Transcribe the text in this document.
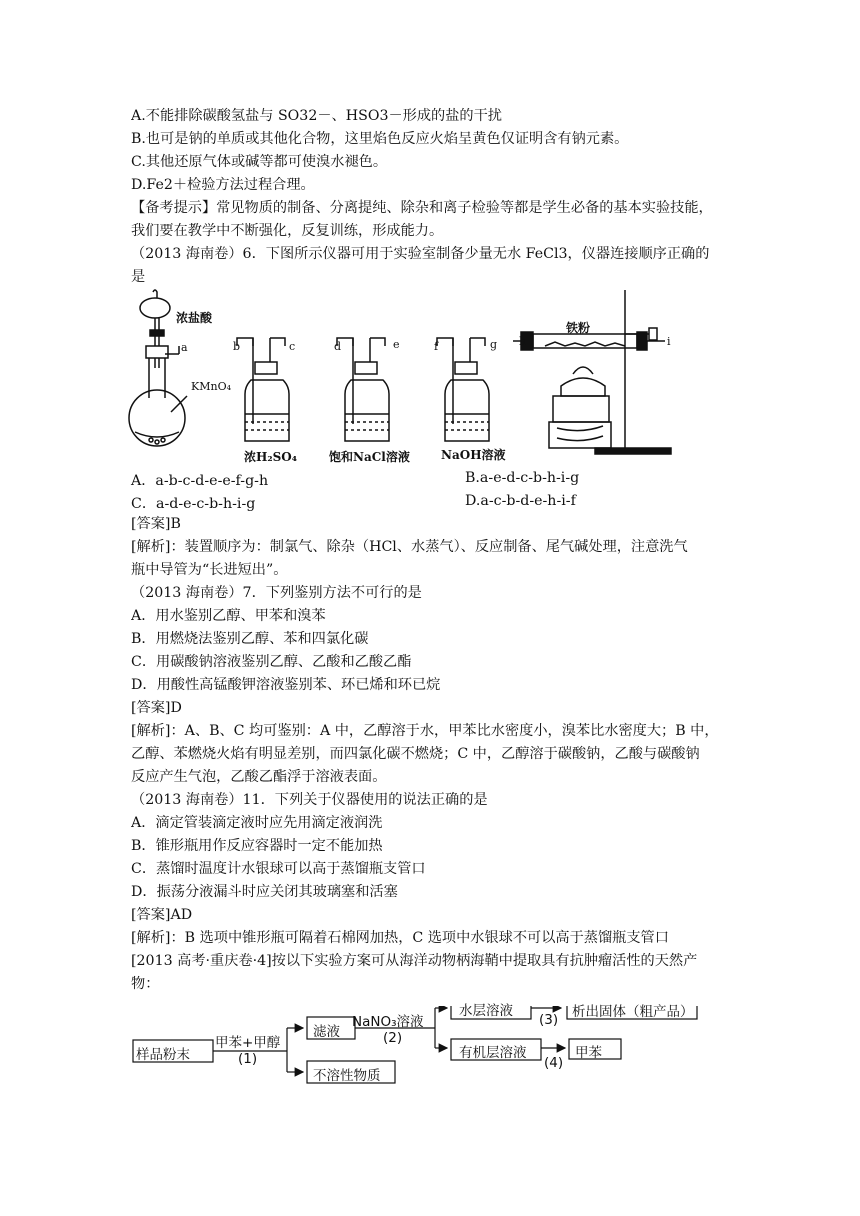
A.不能排除碳酸氢盐与 SO32－、HSO3－形成的盐的干扰
B.也可是钠的单质或其他化合物，这里焰色反应火焰呈黄色仅证明含有钠元素。
C.其他还原气体或碱等都可使溴水褪色。
D.Fe2＋检验方法过程合理。
【备考提示】常见物质的制备、分离提纯、除杂和离子检验等都是学生必备的基本实验技能，
我们要在教学中不断强化，反复训练，形成能力。
（2013 海南卷）6．下图所示仪器可用于实验室制备少量无水 FeCl3，仪器连接顺序正确的
是
浓盐酸
KMnO₄
a	b	c	d	e	f	g h	i
铁粉
浓H₂SO₄	饱和NaCl溶液	NaOH溶液
A．a-b-c-d-e-e-f-g-h	B.a-e-d-c-b-h-i-g
C．a-d-e-c-b-h-i-g	D.a-c-b-d-e-h-i-f
[答案]B
[解析]：装置顺序为：制氯气、除杂（HCl、水蒸气）、反应制备、尾气碱处理，注意洗气
瓶中导管为“长进短出”。
（2013 海南卷）7．下列鉴别方法不可行的是
A．用水鉴别乙醇、甲苯和溴苯
B．用燃烧法鉴别乙醇、苯和四氯化碳
C．用碳酸钠溶液鉴别乙醇、乙酸和乙酸乙酯
D．用酸性高锰酸钾溶液鉴别苯、环已烯和环已烷
[答案]D
[解析]：A、B、C 均可鉴别：A 中，乙醇溶于水，甲苯比水密度小，溴苯比水密度大；B 中，
乙醇、苯燃烧火焰有明显差别，而四氯化碳不燃烧；C 中，乙醇溶于碳酸钠，乙酸与碳酸钠
反应产生气泡，乙酸乙酯浮于溶液表面。
（2013 海南卷）11．下列关于仪器使用的说法正确的是
A．滴定管装滴定液时应先用滴定液润洗
B．锥形瓶用作反应容器时一定不能加热
C．蒸馏时温度计水银球可以高于蒸馏瓶支管口
D．振荡分液漏斗时应关闭其玻璃塞和活塞
[答案]AD
[解析]：B 选项中锥形瓶可隔着石棉网加热，C 选项中水银球不可以高于蒸馏瓶支管口
[2013 高考·重庆卷·4]按以下实验方案可从海洋动物柄海鞘中提取具有抗肿瘤活性的天然产
物：
样品粉末
甲苯+甲醇
(1)
滤液
不溶性物质
NaNO₃溶液
(2)
水层溶液
有机层溶液
(3)
(4)
析出固体（粗产品）
甲苯
